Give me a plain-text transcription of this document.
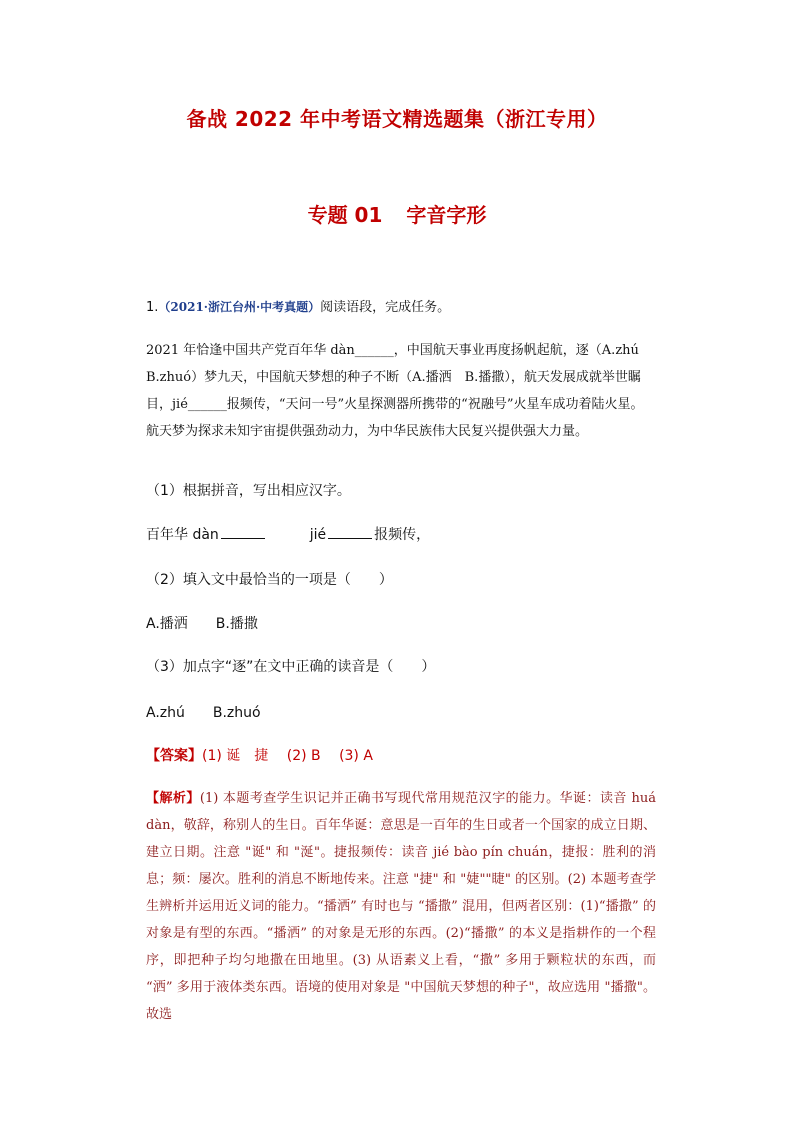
备战 2022 年中考语文精选题集（浙江专用）
专题 01 字音字形
1.（2021·浙江台州·中考真题）阅读语段，完成任务。
2021 年恰逢中国共产党百年华 dàn______，中国航天事业再度扬帆起航，逐（A.zhú B.zhuó）梦九天，中国航天梦想的种子不断（A.播洒　B.播撒），航天发展成就举世瞩目，jié______报频传，“天问一号”火星探测器所携带的“祝融号”火星车成功着陆火星。航天梦为探求未知宇宙提供强劲动力，为中华民族伟大民复兴提供强大力量。
（1）根据拼音，写出相应汉字。
百年华 dàn	jié	报频传，
（2）填入文中最恰当的一项是（　　）
A.播洒　　B.播撒
（3）加点字“逐”在文中正确的读音是（　　）
A.zhú　　B.zhuó
【答案】(1) 诞　捷　 (2) B　 (3) A
【解析】(1) 本题考查学生识记并正确书写现代常用规范汉字的能力。华诞：读音 huá dàn，敬辞，称别人的生日。百年华诞：意思是一百年的生日或者一个国家的成立日期、建立日期。注意 "诞" 和 "涎"。捷报频传：读音 jié bào pín chuán，捷报：胜利的消息；频：屡次。胜利的消息不断地传来。注意 "捷" 和 "婕""睫" 的区别。(2) 本题考查学生辨析并运用近义词的能力。“播洒” 有时也与 “播撒” 混用，但两者区别：(1)“播撒” 的对象是有型的东西。“播洒” 的对象是无形的东西。(2)“播撒” 的本义是指耕作的一个程序，即把种子均匀地撒在田地里。(3) 从语素义上看，“撒” 多用于颗粒状的东西，而 “洒” 多用于液体类东西。语境的使用对象是 "中国航天梦想的种子"，故应选用 "播撒"。故选
